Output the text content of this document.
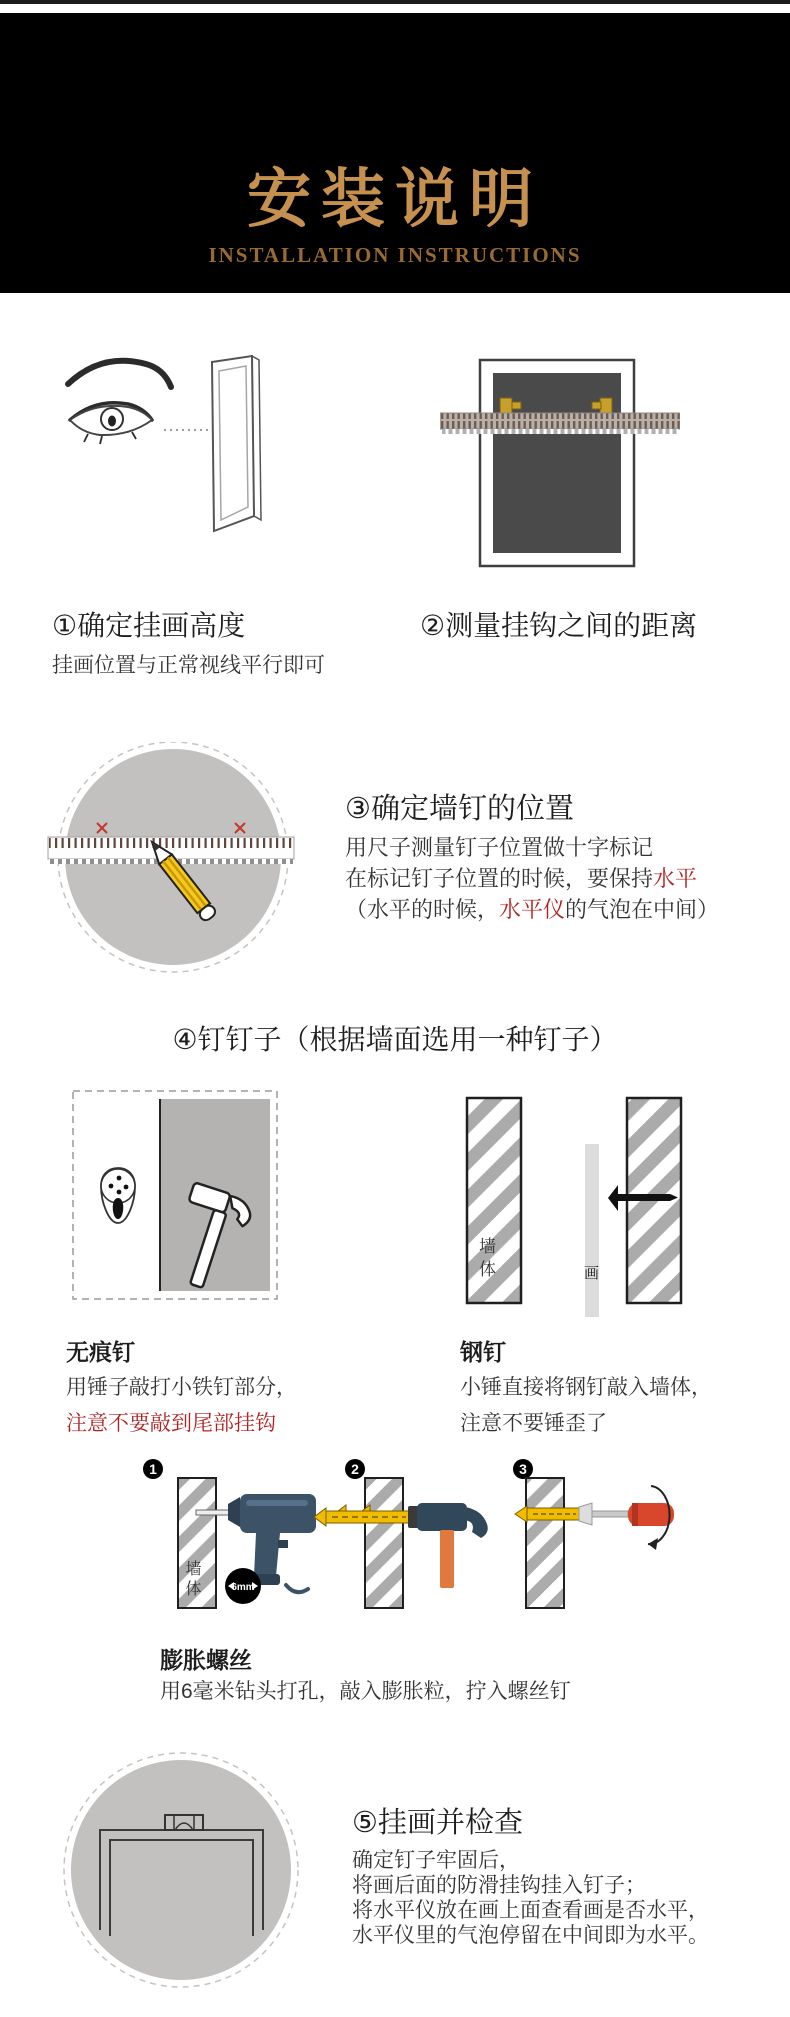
安装说明
INSTALLATION INSTRUCTIONS
①确定挂画高度	②测量挂钩之间的距离
挂画位置与正常视线平行即可
③确定墙钉的位置
用尺子测量钉子位置做十字标记
在标记钉子位置的时候，要保持水平
（水平的时候，水平仪的气泡在中间）
④钉钉子（根据墙面选用一种钉子）
墙体	画
无痕钉
用锤子敲打小铁钉部分，
注意不要敲到尾部挂钩
钢钉
小锤直接将钢钉敲入墙体，
注意不要锤歪了
1
6mm
2	3
墙体
膨胀螺丝
用6毫米钻头打孔，敲入膨胀粒，拧入螺丝钉
⑤挂画并检查
确定钉子牢固后，
将画后面的防滑挂钩挂入钉子；
将水平仪放在画上面查看画是否水平，
水平仪里的气泡停留在中间即为水平。
